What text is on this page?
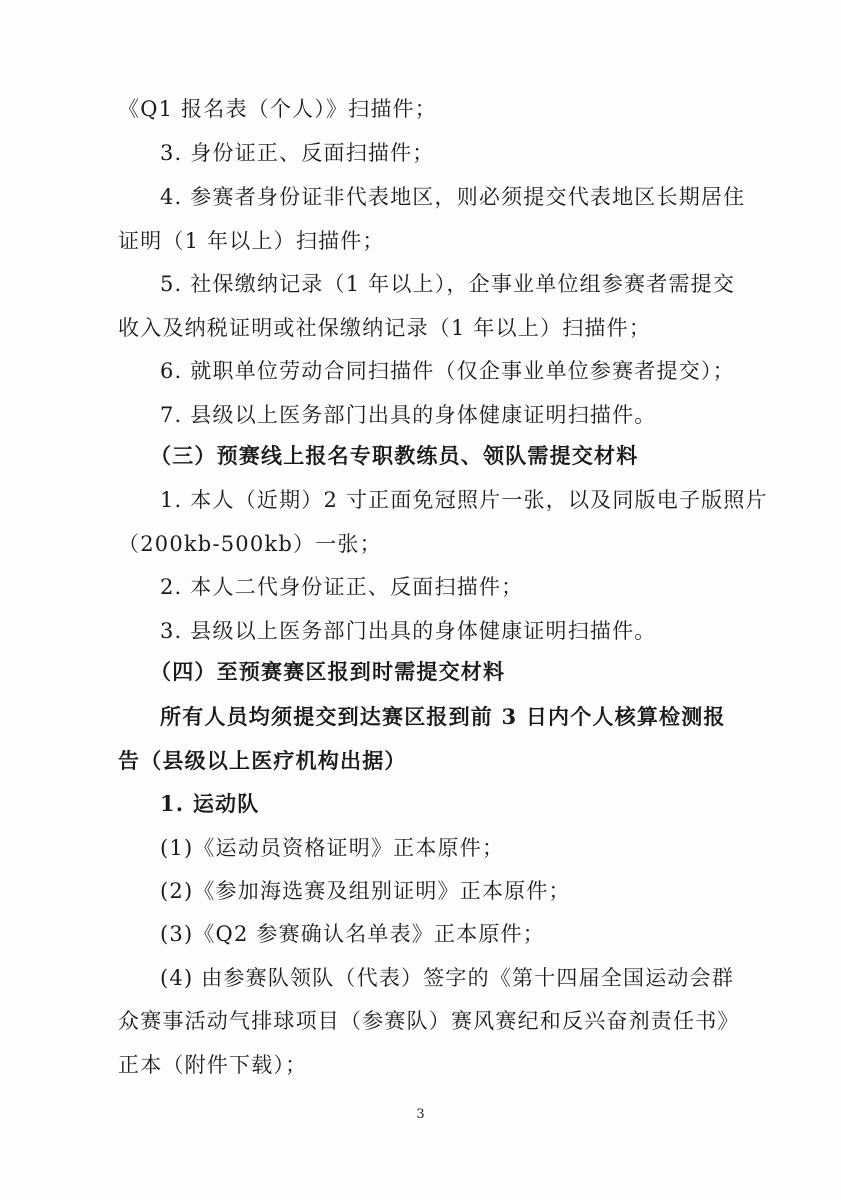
《Q1 报名表（个人）》扫描件；
3. 身份证正、反面扫描件；
4. 参赛者身份证非代表地区，则必须提交代表地区长期居住
证明（1 年以上）扫描件；
5. 社保缴纳记录（1 年以上），企事业单位组参赛者需提交
收入及纳税证明或社保缴纳记录（1 年以上）扫描件；
6. 就职单位劳动合同扫描件（仅企事业单位参赛者提交）；
7. 县级以上医务部门出具的身体健康证明扫描件。
（三）预赛线上报名专职教练员、领队需提交材料
1. 本人（近期）2 寸正面免冠照片一张，以及同版电子版照片
（200kb-500kb）一张；
2. 本人二代身份证正、反面扫描件；
3. 县级以上医务部门出具的身体健康证明扫描件。
（四）至预赛赛区报到时需提交材料
所有人员均须提交到达赛区报到前 3 日内个人核算检测报
告（县级以上医疗机构出据）
1. 运动队
(1)《运动员资格证明》正本原件；
(2)《参加海选赛及组别证明》正本原件；
(3)《Q2 参赛确认名单表》正本原件；
(4) 由参赛队领队（代表）签字的《第十四届全国运动会群
众赛事活动气排球项目（参赛队）赛风赛纪和反兴奋剂责任书》
正本（附件下载）；
3
